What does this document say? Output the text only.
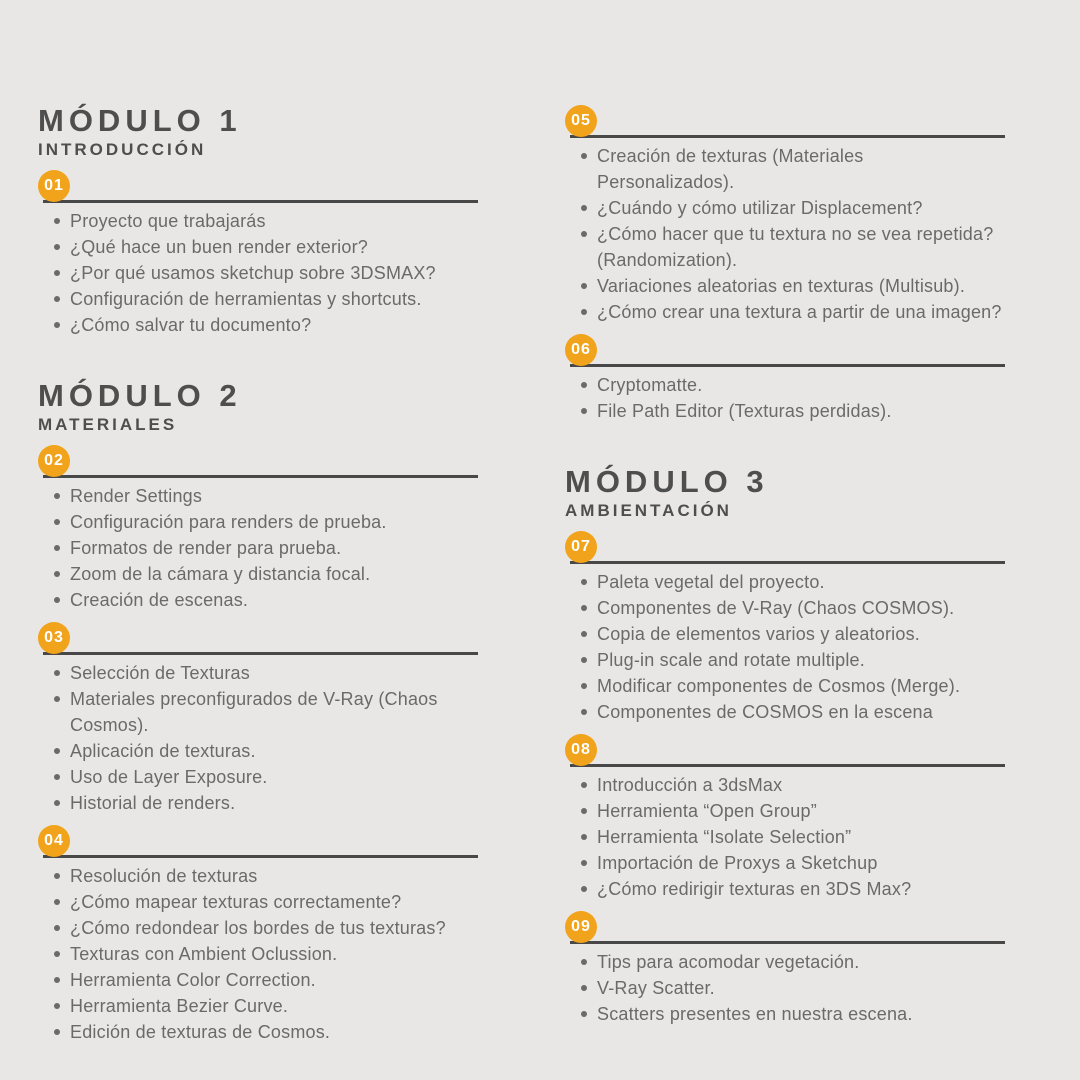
MÓDULO 1
INTRODUCCIÓN
01
Proyecto que trabajarás
¿Qué hace un buen render exterior?
¿Por qué usamos sketchup sobre 3DSMAX?
Configuración de herramientas y shortcuts.
¿Cómo salvar tu documento?
MÓDULO 2
MATERIALES
02
Render Settings
Configuración para renders de prueba.
Formatos de render para prueba.
Zoom de la cámara y distancia focal.
Creación de escenas.
03
Selección de Texturas
Materiales preconfigurados de V-Ray (Chaos Cosmos).
Aplicación de texturas.
Uso de Layer Exposure.
Historial de renders.
04
Resolución de texturas
¿Cómo mapear texturas correctamente?
¿Cómo redondear los bordes de tus texturas?
Texturas con Ambient Oclussion.
Herramienta Color Correction.
Herramienta Bezier Curve.
Edición de texturas de Cosmos.
05
Creación de texturas (Materiales Personalizados).
¿Cuándo y cómo utilizar Displacement?
¿Cómo hacer que tu textura no se vea repetida? (Randomization).
Variaciones aleatorias en texturas (Multisub).
¿Cómo crear una textura a partir de una imagen?
06
Cryptomatte.
File Path Editor (Texturas perdidas).
MÓDULO 3
AMBIENTACIÓN
07
Paleta vegetal del proyecto.
Componentes de V-Ray (Chaos COSMOS).
Copia de elementos varios y aleatorios.
Plug-in scale and rotate multiple.
Modificar componentes de Cosmos (Merge).
Componentes de COSMOS en la escena
08
Introducción a 3dsMax
Herramienta “Open Group”
Herramienta “Isolate Selection”
Importación de Proxys a Sketchup
¿Cómo redirigir texturas en 3DS Max?
09
Tips para acomodar vegetación.
V-Ray Scatter.
Scatters presentes en nuestra escena.
